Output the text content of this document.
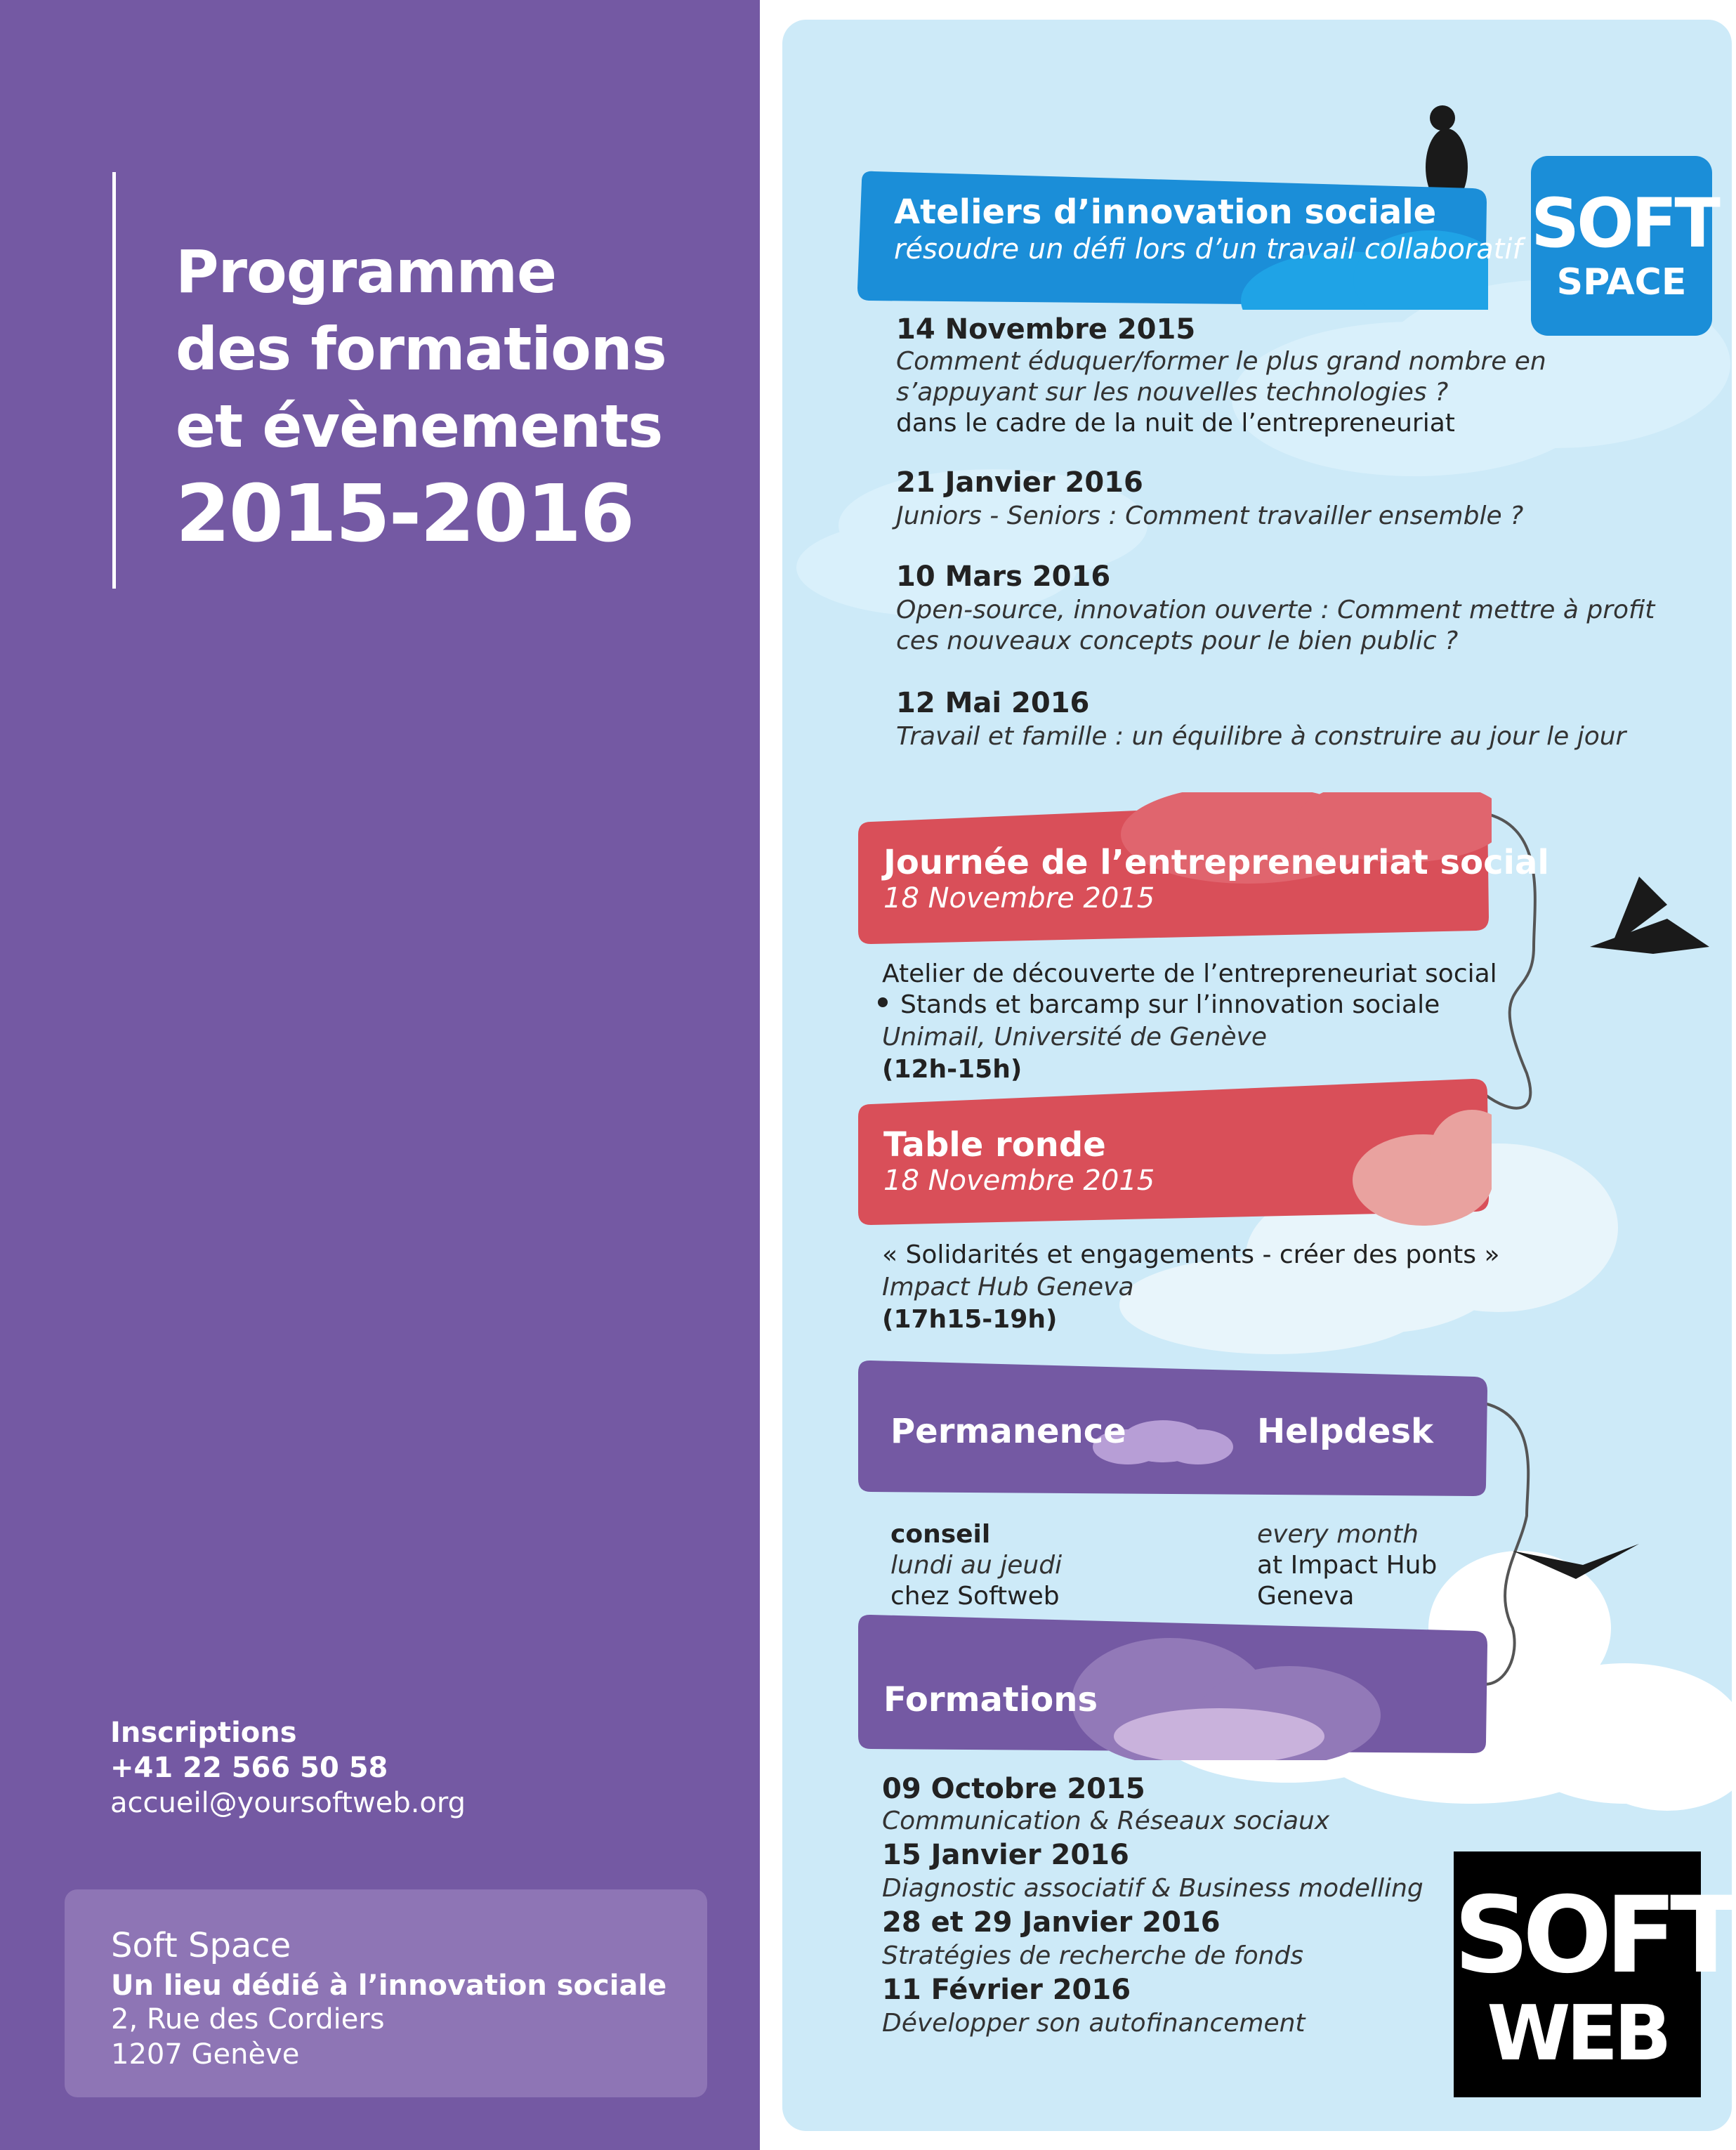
Programme
des formations
et évènements
2015-2016
Inscriptions
+41 22 566 50 58
accueil@yoursoftweb.org
Soft Space
Un lieu dédié à l’innovation sociale
2, Rue des Cordiers
1207 Genève
Ateliers d’innovation sociale
résoudre un défi lors d’un travail collaboratif
14 Novembre 2015
Comment éduquer/former le plus grand nombre en
s’appuyant sur les nouvelles technologies ?
dans le cadre de la nuit de l’entrepreneuriat
21 Janvier 2016
Juniors - Seniors : Comment travailler ensemble ?
10 Mars 2016
Open-source, innovation ouverte : Comment mettre à profit
ces nouveaux concepts pour le bien public ?
12 Mai 2016
Travail et famille : un équilibre à construire au jour le jour
Journée de l’entrepreneuriat social
18 Novembre 2015
Atelier de découverte de l’entrepreneuriat social
Stands et barcamp sur l’innovation sociale
Unimail, Université de Genève
(12h-15h)
Table ronde
18 Novembre 2015
« Solidarités et engagements - créer des ponts »
Impact Hub Geneva
(17h15-19h)
Permanence	Helpdesk
conseil
lundi au jeudi
chez Softweb
every month
at Impact Hub
Geneva
Formations
09 Octobre 2015
Communication & Réseaux sociaux
15 Janvier 2016
Diagnostic associatif & Business modelling
28 et 29 Janvier 2016
Stratégies de recherche de fonds
11 Février 2016
Développer son autofinancement
SOFT
SPACE
SOFT
WEB
